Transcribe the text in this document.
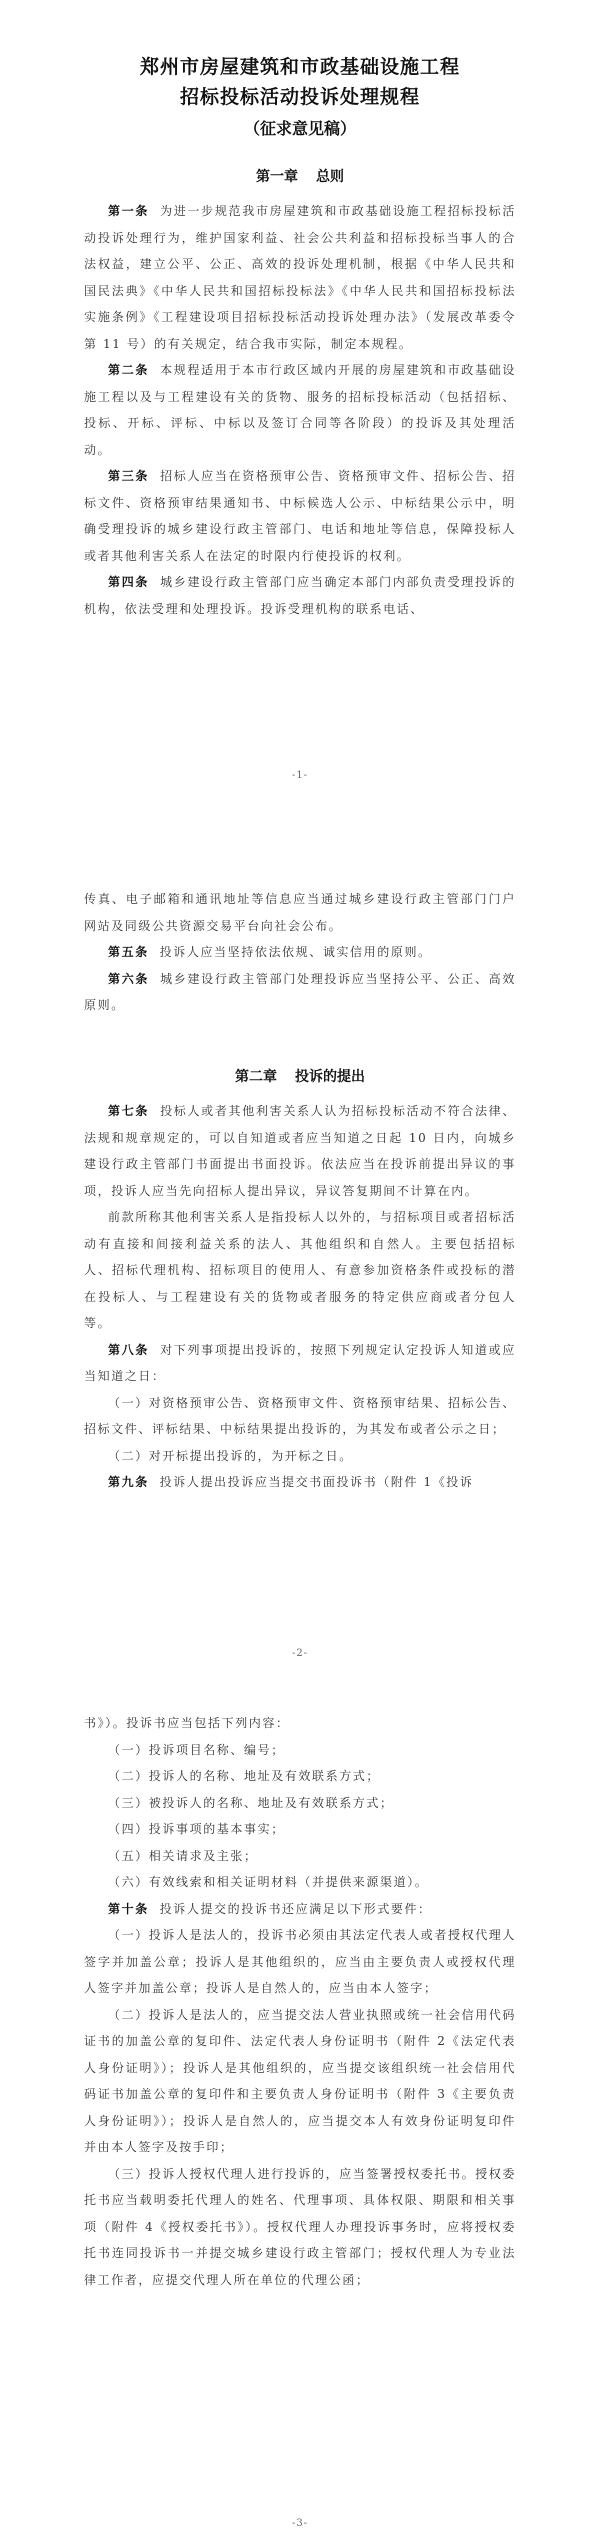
郑州市房屋建筑和市政基础设施工程
招标投标活动投诉处理规程
（征求意见稿）
第一章 总则

第一条 为进一步规范我市房屋建筑和市政基础设施工程招标投标活动投诉处理行为，维护国家利益、社会公共利益和招标投标当事人的合法权益，建立公平、公正、高效的投诉处理机制，根据《中华人民共和国民法典》《中华人民共和国招标投标法》《中华人民共和国招标投标法实施条例》《工程建设项目招标投标活动投诉处理办法》（发展改革委令第 11 号）的有关规定，结合我市实际，制定本规程。

第二条 本规程适用于本市行政区域内开展的房屋建筑和市政基础设施工程以及与工程建设有关的货物、服务的招标投标活动（包括招标、投标、开标、评标、中标以及签订合同等各阶段）的投诉及其处理活动。

第三条 招标人应当在资格预审公告、资格预审文件、招标公告、招标文件、资格预审结果通知书、中标候选人公示、中标结果公示中，明确受理投诉的城乡建设行政主管部门、电话和地址等信息，保障投标人或者其他利害关系人在法定的时限内行使投诉的权利。

第四条 城乡建设行政主管部门应当确定本部门内部负责受理投诉的机构，依法受理和处理投诉。投诉受理机构的联系电话、

-1-

传真、电子邮箱和通讯地址等信息应当通过城乡建设行政主管部门门户网站及同级公共资源交易平台向社会公布。

第五条 投诉人应当坚持依法依规、诚实信用的原则。

第六条 城乡建设行政主管部门处理投诉应当坚持公平、公正、高效原则。

第二章 投诉的提出

第七条 投标人或者其他利害关系人认为招标投标活动不符合法律、法规和规章规定的，可以自知道或者应当知道之日起 10 日内，向城乡建设行政主管部门书面提出书面投诉。依法应当在投诉前提出异议的事项，投诉人应当先向招标人提出异议，异议答复期间不计算在内。

前款所称其他利害关系人是指投标人以外的，与招标项目或者招标活动有直接和间接利益关系的法人、其他组织和自然人。主要包括招标人、招标代理机构、招标项目的使用人、有意参加资格条件或投标的潜在投标人、与工程建设有关的货物或者服务的特定供应商或者分包人等。

第八条 对下列事项提出投诉的，按照下列规定认定投诉人知道或应当知道之日：

（一）对资格预审公告、资格预审文件、资格预审结果、招标公告、招标文件、评标结果、中标结果提出投诉的，为其发布或者公示之日；

（二）对开标提出投诉的，为开标之日。

第九条 投诉人提出投诉应当提交书面投诉书（附件 1《投诉

-2-

书》）。投诉书应当包括下列内容：

（一）投诉项目名称、编号；

（二）投诉人的名称、地址及有效联系方式；

（三）被投诉人的名称、地址及有效联系方式；

（四）投诉事项的基本事实；

（五）相关请求及主张；

（六）有效线索和相关证明材料（并提供来源渠道）。

第十条 投诉人提交的投诉书还应满足以下形式要件：

（一）投诉人是法人的，投诉书必须由其法定代表人或者授权代理人签字并加盖公章；投诉人是其他组织的，应当由主要负责人或授权代理人签字并加盖公章；投诉人是自然人的，应当由本人签字；

（二）投诉人是法人的，应当提交法人营业执照或统一社会信用代码证书的加盖公章的复印件、法定代表人身份证明书（附件 2《法定代表人身份证明》）；投诉人是其他组织的，应当提交该组织统一社会信用代码证书加盖公章的复印件和主要负责人身份证明书（附件 3《主要负责人身份证明》）；投诉人是自然人的，应当提交本人有效身份证明复印件并由本人签字及按手印；

（三）投诉人授权代理人进行投诉的，应当签署授权委托书。授权委托书应当载明委托代理人的姓名、代理事项、具体权限、期限和相关事项（附件 4《授权委托书》）。授权代理人办理投诉事务时，应将授权委托书连同投诉书一并提交城乡建设行政主管部门；授权代理人为专业法律工作者，应提交代理人所在单位的代理公函；

-3-
